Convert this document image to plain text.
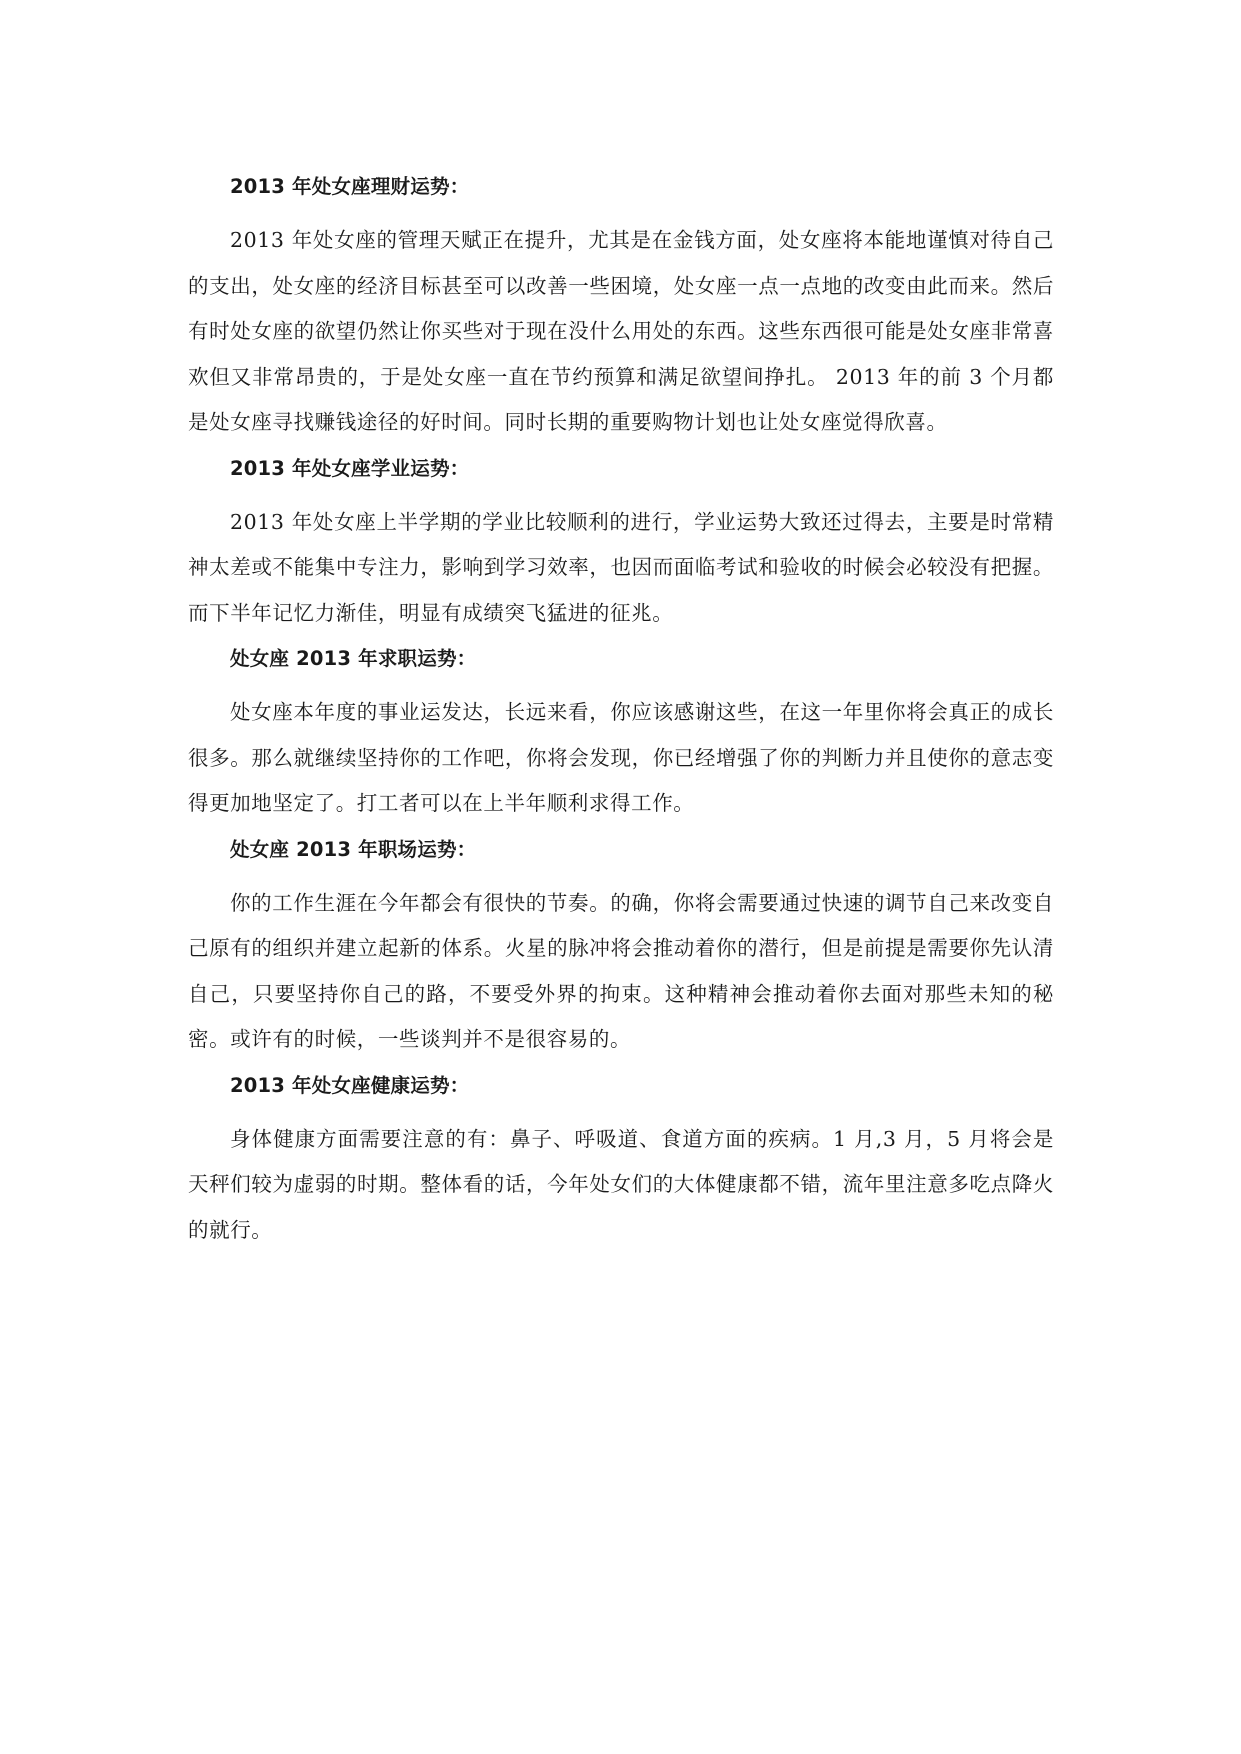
2013 年处女座理财运势：

2013 年处女座的管理天赋正在提升，尤其是在金钱方面，处女座将本能地谨慎对待自己的支出，处女座的经济目标甚至可以改善一些困境，处女座一点一点地的改变由此而来。然后有时处女座的欲望仍然让你买些对于现在没什么用处的东西。这些东西很可能是处女座非常喜欢但又非常昂贵的，于是处女座一直在节约预算和满足欲望间挣扎。 2013 年的前 3 个月都是处女座寻找赚钱途径的好时间。同时长期的重要购物计划也让处女座觉得欣喜。

2013 年处女座学业运势：

2013 年处女座上半学期的学业比较顺利的进行，学业运势大致还过得去，主要是时常精神太差或不能集中专注力，影响到学习效率，也因而面临考试和验收的时候会必较没有把握。而下半年记忆力渐佳，明显有成绩突飞猛进的征兆。

处女座 2013 年求职运势：

处女座本年度的事业运发达，长远来看，你应该感谢这些，在这一年里你将会真正的成长很多。那么就继续坚持你的工作吧，你将会发现，你已经增强了你的判断力并且使你的意志变得更加地坚定了。打工者可以在上半年顺利求得工作。

处女座 2013 年职场运势：

你的工作生涯在今年都会有很快的节奏。的确，你将会需要通过快速的调节自己来改变自己原有的组织并建立起新的体系。火星的脉冲将会推动着你的潜行，但是前提是需要你先认清自己，只要坚持你自己的路，不要受外界的拘束。这种精神会推动着你去面对那些未知的秘密。或许有的时候，一些谈判并不是很容易的。

2013 年处女座健康运势：

身体健康方面需要注意的有：鼻子、呼吸道、食道方面的疾病。1 月,3 月，5 月将会是天秤们较为虚弱的时期。整体看的话，今年处女们的大体健康都不错，流年里注意多吃点降火的就行。
